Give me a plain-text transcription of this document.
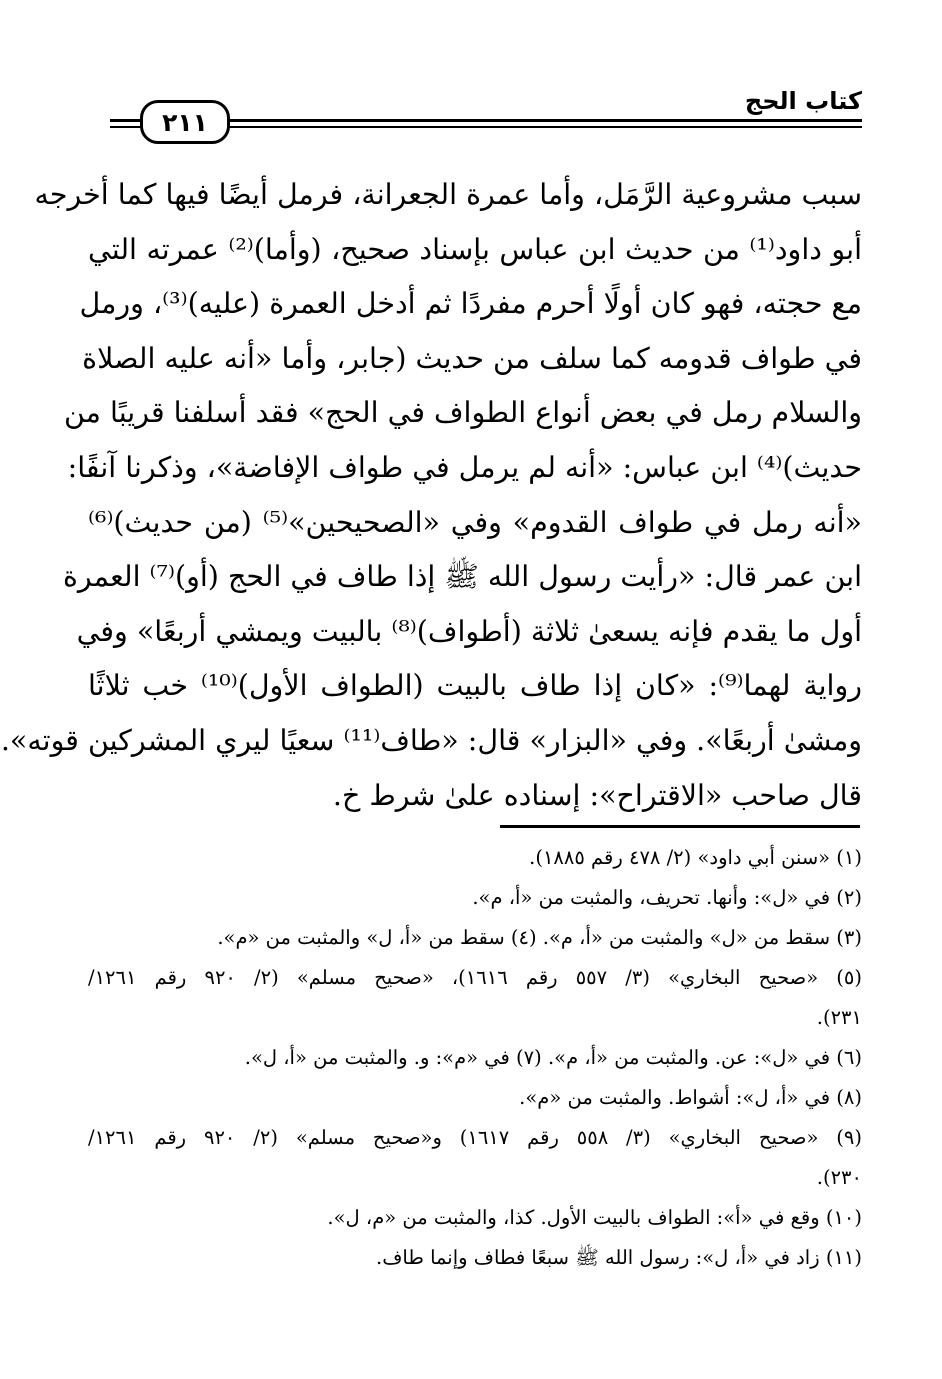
٢١١
كتاب الحج
سبب مشروعية الرَّمَل، وأما عمرة الجعرانة، فرمل أيضًا فيها كما أخرجه
أبو داود⁽¹⁾ من حديث ابن عباس بإسناد صحيح، (وأما)⁽²⁾ عمرته التي
مع حجته، فهو كان أولًا أحرم مفردًا ثم أدخل العمرة (عليه)⁽³⁾، ورمل
في طواف قدومه كما سلف من حديث (جابر، وأما «أنه عليه الصلاة
والسلام رمل في بعض أنواع الطواف في الحج» فقد أسلفنا قريبًا من
حديث)⁽⁴⁾ ابن عباس: «أنه لم يرمل في طواف الإفاضة»، وذكرنا آنفًا:
«أنه رمل في طواف القدوم» وفي «الصحيحين»⁽⁵⁾ (من حديث)⁽⁶⁾
ابن عمر قال: «رأيت رسول الله ﷺ إذا طاف في الحج (أو)⁽⁷⁾ العمرة
أول ما يقدم فإنه يسعىٰ ثلاثة (أطواف)⁽⁸⁾ بالبيت ويمشي أربعًا» وفي
رواية لهما⁽⁹⁾: «كان إذا طاف بالبيت (الطواف الأول)⁽¹⁰⁾ خب ثلاثًا
ومشىٰ أربعًا». وفي «البزار» قال: «طاف⁽¹¹⁾ سعيًا ليري المشركين قوته».
قال صاحب «الاقتراح»: إسناده علىٰ شرط خ.
(١) «سنن أبي داود» (٢/ ٤٧٨ رقم ١٨٨٥).
(٢) في «ل»: وأنها. تحريف، والمثبت من «أ، م».
(٣) سقط من «ل» والمثبت من «أ، م». (٤) سقط من «أ، ل» والمثبت من «م».
(٥) «صحيح البخاري» (٣/ ٥٥٧ رقم ١٦١٦)، «صحيح مسلم» (٢/ ٩٢٠ رقم ١٢٦١/
٢٣١).
(٦) في «ل»: عن. والمثبت من «أ، م». (٧) في «م»: و. والمثبت من «أ، ل».
(٨) في «أ، ل»: أشواط. والمثبت من «م».
(٩) «صحيح البخاري» (٣/ ٥٥٨ رقم ١٦١٧) و«صحيح مسلم» (٢/ ٩٢٠ رقم ١٢٦١/
٢٣٠).
(١٠) وقع في «أ»: الطواف بالبيت الأول. كذا، والمثبت من «م، ل».
(١١) زاد في «أ، ل»: رسول الله ﷺ سبعًا فطاف وإنما طاف.
